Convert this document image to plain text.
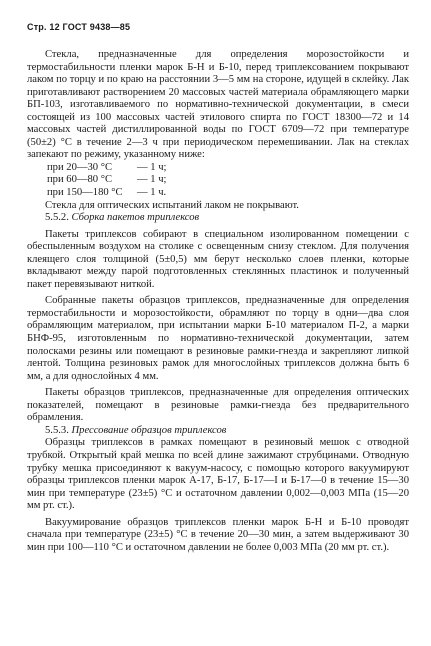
Стр. 12 ГОСТ 9438—85

Стекла, предназначенные для определения морозостойкости и термостабильности пленки марок Б-Н и Б-10, перед триплексованием покрывают лаком по торцу и по краю на расстоянии 3—5 мм на стороне, идущей в склейку. Лак приготавливают растворением 20 массовых частей материала обрамляющего марки БП-103, изготавливаемого по нормативно-технической документации, в смеси состоящей из 100 массовых частей этилового спирта по ГОСТ 18300—72 и 14 массовых частей дистиллированной воды по ГОСТ 6709—72 при температуре (50±2) °С в течение 2—3 ч при периодическом перемешивании. Лак на стеклах запекают по режиму, указанному ниже:

при 20—30 °С	— 1 ч;
при 60—80 °С	— 1 ч;
при 150—180 °С	— 1 ч.

Стекла для оптических испытаний лаком не покрывают.

5.5.2. Сборка пакетов триплексов

Пакеты триплексов собирают в специальном изолированном помещении с обеспыленным воздухом на столике с освещенным снизу стеклом. Для получения клеящего слоя толщиной (5±0,5) мм берут несколько слоев пленки, которые вкладывают между парой подготовленных стеклянных пластинок и полученный пакет перевязывают ниткой.

Собранные пакеты образцов триплексов, предназначенные для определения термостабильности и морозостойкости, обрамляют по торцу в одни—два слоя обрамляющим материалом, при испытании марки Б-10 материалом П-2, а марки БНФ-95, изготовленным по нормативно-технической документации, затем полосками резины или помещают в резиновые рамки-гнезда и закрепляют липкой лентой. Толщина резиновых рамок для многослойных триплексов должна быть 6 мм, а для однослойных 4 мм.

Пакеты образцов триплексов, предназначенные для определения оптических показателей, помещают в резиновые рамки-гнезда без предварительного обрамления.

5.5.3. Прессование образцов триплексов

Образцы триплексов в рамках помещают в резиновый мешок с отводной трубкой. Открытый край мешка по всей длине зажимают струбцинами. Отводную трубку мешка присоединяют к вакуум-насосу, с помощью которого вакуумируют образцы триплексов пленки марок А-17, Б-17, Б-17—I и Б-17—0 в течение 15—30 мин при температуре (23±5) °С и остаточном давлении 0,002—0,003 МПа (15—20 мм рт. ст.).

Вакуумирование образцов триплексов пленки марок Б-Н и Б-10 проводят сначала при температуре (23±5) °С в течение 20—30 мин, а затем выдерживают 30 мин при 100—110 °С и остаточном давлении не более 0,003 МПа (20 мм рт. ст.).
